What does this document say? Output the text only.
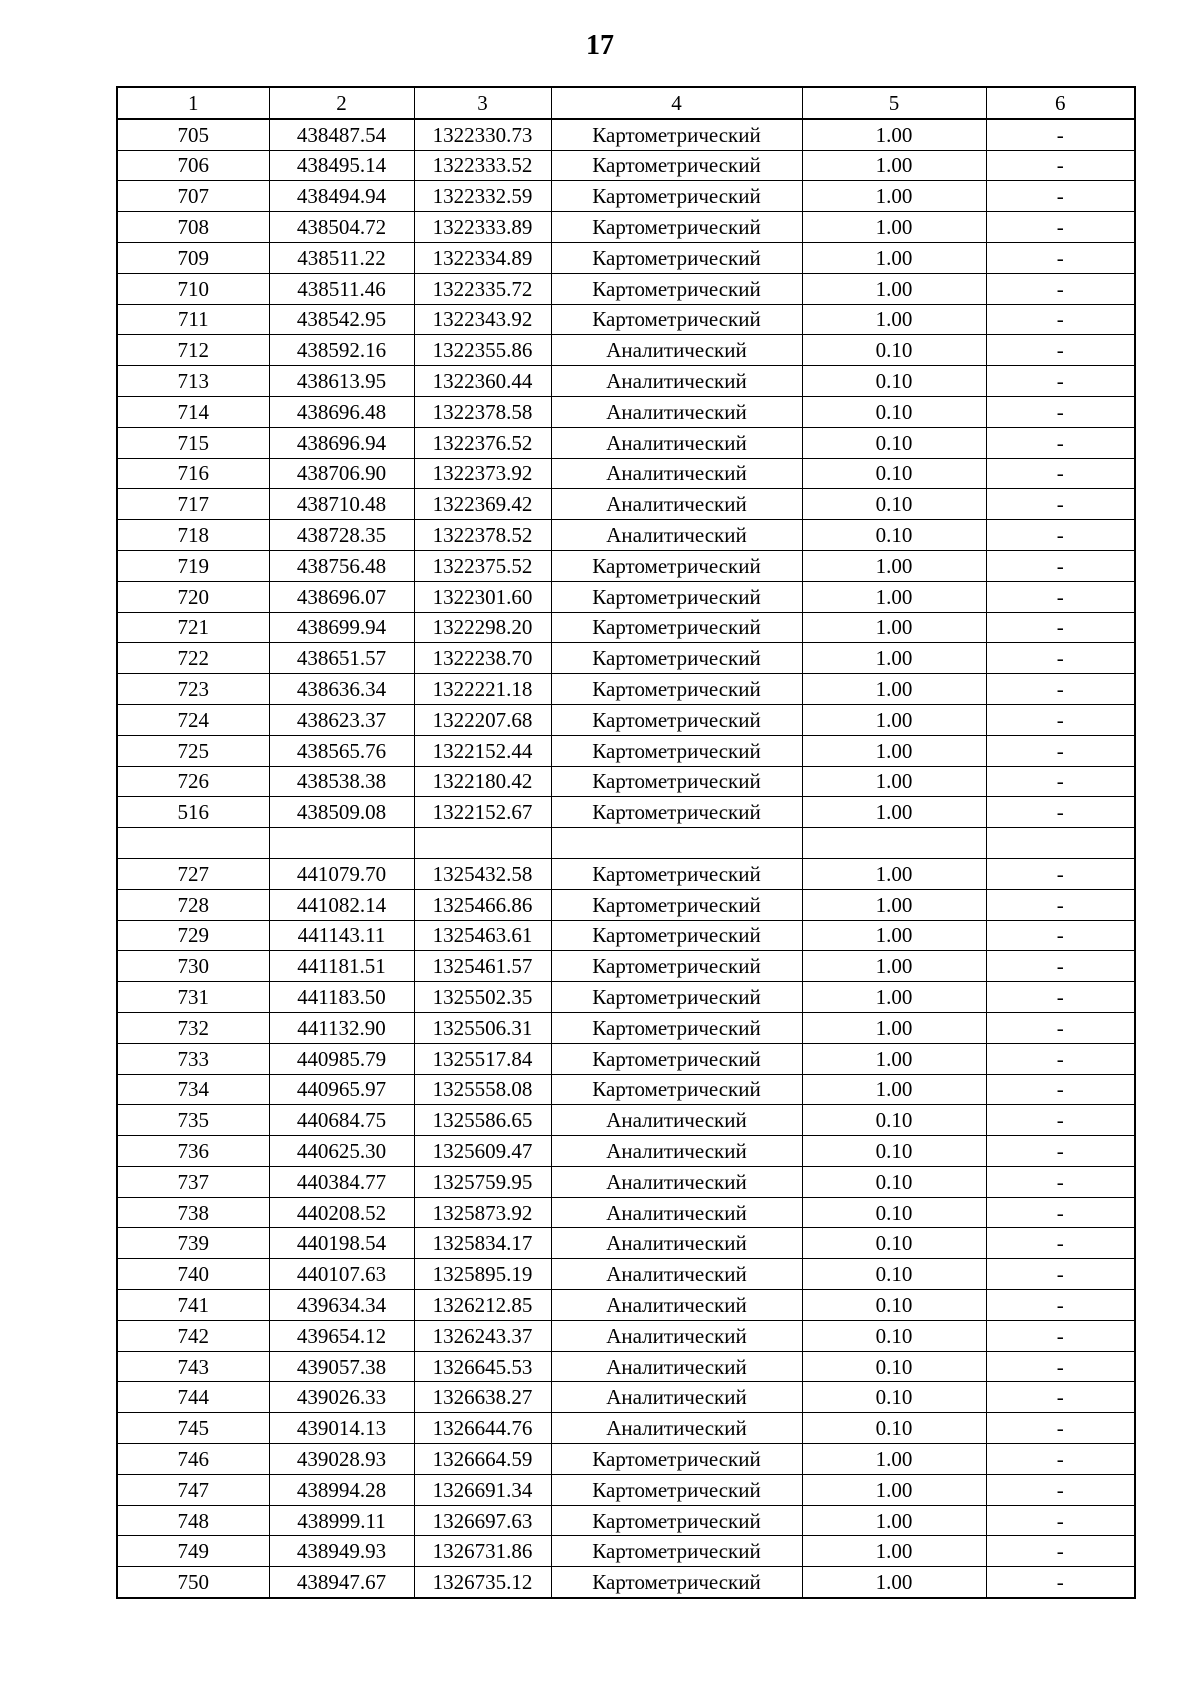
17
1	2	3	4	5	6
705	438487.54	1322330.73	Картометрический	1.00	-
706	438495.14	1322333.52	Картометрический	1.00	-
707	438494.94	1322332.59	Картометрический	1.00	-
708	438504.72	1322333.89	Картометрический	1.00	-
709	438511.22	1322334.89	Картометрический	1.00	-
710	438511.46	1322335.72	Картометрический	1.00	-
711	438542.95	1322343.92	Картометрический	1.00	-
712	438592.16	1322355.86	Аналитический	0.10	-
713	438613.95	1322360.44	Аналитический	0.10	-
714	438696.48	1322378.58	Аналитический	0.10	-
715	438696.94	1322376.52	Аналитический	0.10	-
716	438706.90	1322373.92	Аналитический	0.10	-
717	438710.48	1322369.42	Аналитический	0.10	-
718	438728.35	1322378.52	Аналитический	0.10	-
719	438756.48	1322375.52	Картометрический	1.00	-
720	438696.07	1322301.60	Картометрический	1.00	-
721	438699.94	1322298.20	Картометрический	1.00	-
722	438651.57	1322238.70	Картометрический	1.00	-
723	438636.34	1322221.18	Картометрический	1.00	-
724	438623.37	1322207.68	Картометрический	1.00	-
725	438565.76	1322152.44	Картометрический	1.00	-
726	438538.38	1322180.42	Картометрический	1.00	-
516	438509.08	1322152.67	Картометрический	1.00	-

727	441079.70	1325432.58	Картометрический	1.00	-
728	441082.14	1325466.86	Картометрический	1.00	-
729	441143.11	1325463.61	Картометрический	1.00	-
730	441181.51	1325461.57	Картометрический	1.00	-
731	441183.50	1325502.35	Картометрический	1.00	-
732	441132.90	1325506.31	Картометрический	1.00	-
733	440985.79	1325517.84	Картометрический	1.00	-
734	440965.97	1325558.08	Картометрический	1.00	-
735	440684.75	1325586.65	Аналитический	0.10	-
736	440625.30	1325609.47	Аналитический	0.10	-
737	440384.77	1325759.95	Аналитический	0.10	-
738	440208.52	1325873.92	Аналитический	0.10	-
739	440198.54	1325834.17	Аналитический	0.10	-
740	440107.63	1325895.19	Аналитический	0.10	-
741	439634.34	1326212.85	Аналитический	0.10	-
742	439654.12	1326243.37	Аналитический	0.10	-
743	439057.38	1326645.53	Аналитический	0.10	-
744	439026.33	1326638.27	Аналитический	0.10	-
745	439014.13	1326644.76	Аналитический	0.10	-
746	439028.93	1326664.59	Картометрический	1.00	-
747	438994.28	1326691.34	Картометрический	1.00	-
748	438999.11	1326697.63	Картометрический	1.00	-
749	438949.93	1326731.86	Картометрический	1.00	-
750	438947.67	1326735.12	Картометрический	1.00	-
